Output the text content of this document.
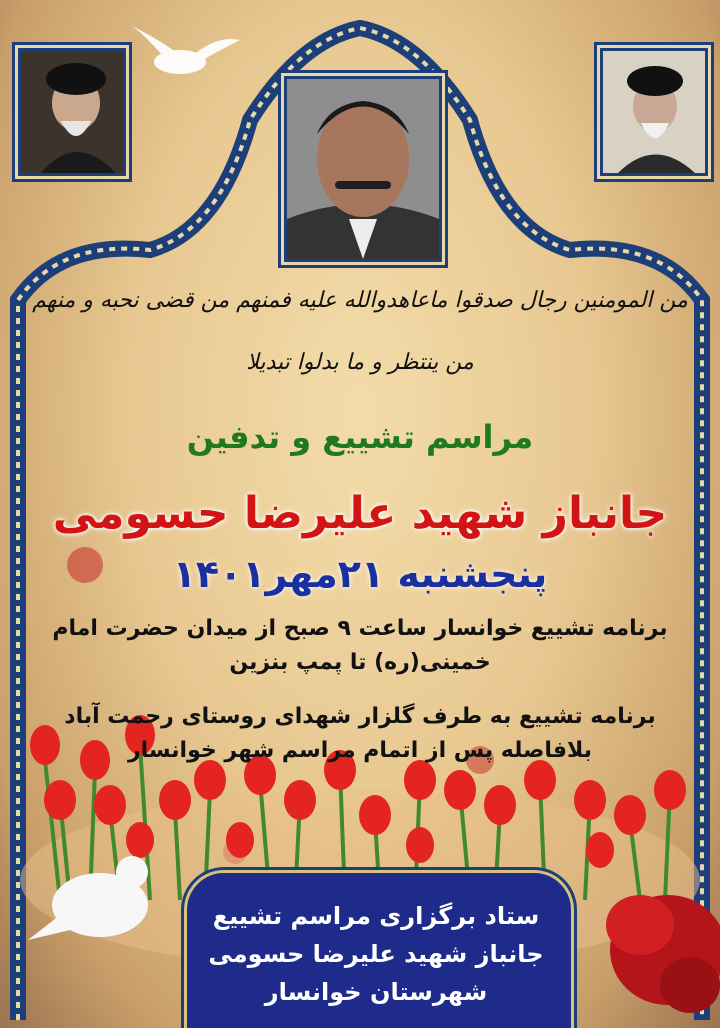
من المومنین رجال صدقوا ماعاهدوالله علیه فمنهم من قضی نحبه و منهم
من ینتظر و ما بدلوا تبدیلا
مراسم تشییع و تدفین
جانباز شهید علیرضا حسومی
پنجشنبه ۲۱مهر۱۴۰۱
برنامه تشییع خوانسار ساعت ۹ صبح از میدان حضرت امام
خمینی(ره) تا پمپ بنزین
برنامه تشییع به طرف گلزار شهدای روستای رحمت آباد
بلافاصله پس از اتمام مراسم شهر خوانسار
ستاد برگزاری مراسم تشییع
جانباز شهید علیرضا حسومی
شهرستان خوانسار
